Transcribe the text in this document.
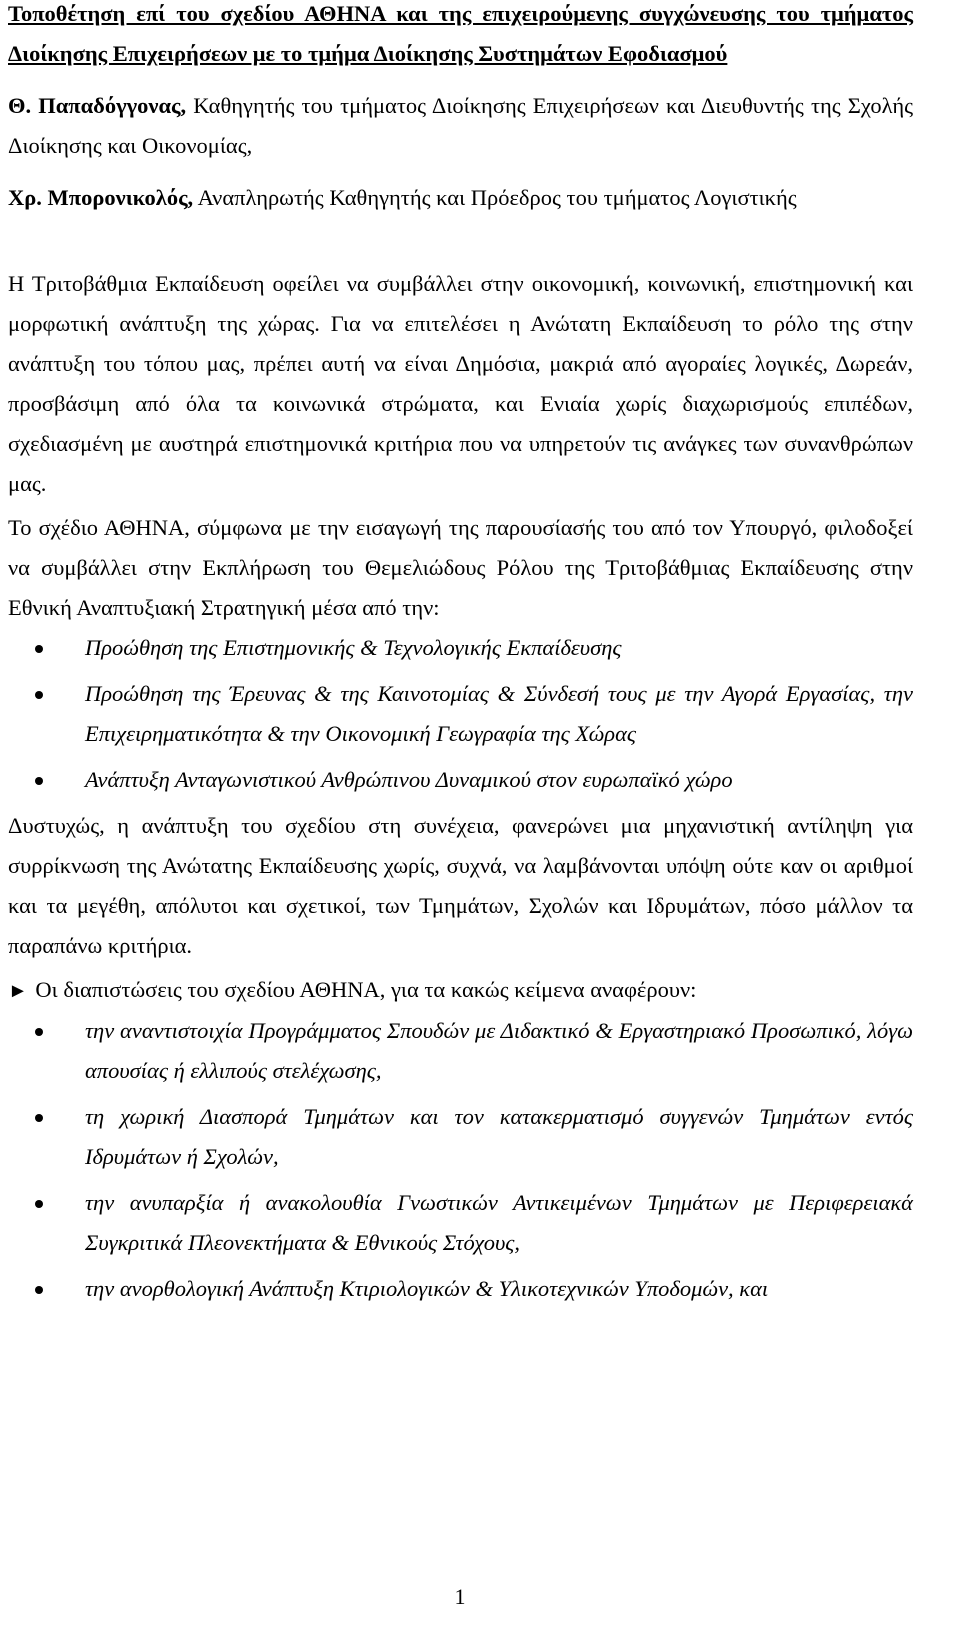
Τοποθέτηση επί του σχεδίου ΑΘΗΝΑ και της επιχειρούμενης συγχώνευσης του τμήματος Διοίκησης Επιχειρήσεων με το τμήμα Διοίκησης Συστημάτων Εφοδιασμού

Θ. Παπαδόγγονας, Καθηγητής του τμήματος Διοίκησης Επιχειρήσεων και Διευθυντής της Σχολής Διοίκησης και Οικονομίας,

Χρ. Μπορονικολός, Αναπληρωτής Καθηγητής και Πρόεδρος του τμήματος Λογιστικής

Η Τριτοβάθμια Εκπαίδευση οφείλει να συμβάλλει στην οικονομική, κοινωνική, επιστημονική και μορφωτική ανάπτυξη της χώρας. Για να επιτελέσει η Ανώτατη Εκπαίδευση το ρόλο της στην ανάπτυξη του τόπου μας, πρέπει αυτή να είναι Δημόσια, μακριά από αγοραίες λογικές, Δωρεάν, προσβάσιμη από όλα τα κοινωνικά στρώματα, και Ενιαία χωρίς διαχωρισμούς επιπέδων, σχεδιασμένη με αυστηρά επιστημονικά κριτήρια που να υπηρετούν τις ανάγκες των συνανθρώπων μας.

Το σχέδιο ΑΘΗΝΑ, σύμφωνα με την εισαγωγή της παρουσίασής του από τον Υπουργό, φιλοδοξεί να συμβάλλει στην Εκπλήρωση του Θεμελιώδους Ρόλου της Τριτοβάθμιας Εκπαίδευσης στην Εθνική Αναπτυξιακή Στρατηγική μέσα από την:

Προώθηση της Επιστημονικής & Τεχνολογικής Εκπαίδευσης
Προώθηση της Έρευνας & της Καινοτομίας & Σύνδεσή τους με την Αγορά Εργασίας, την Επιχειρηματικότητα & την Οικονομική Γεωγραφία της Χώρας
Ανάπτυξη Ανταγωνιστικού Ανθρώπινου Δυναμικού στον ευρωπαϊκό χώρο

Δυστυχώς, η ανάπτυξη του σχεδίου στη συνέχεια, φανερώνει μια μηχανιστική αντίληψη για συρρίκνωση της Ανώτατης Εκπαίδευσης χωρίς, συχνά, να λαμβάνονται υπόψη ούτε καν οι αριθμοί και τα μεγέθη, απόλυτοι και σχετικοί, των Τμημάτων, Σχολών και Ιδρυμάτων, πόσο μάλλον τα παραπάνω κριτήρια.

► Οι διαπιστώσεις του σχεδίου ΑΘΗΝΑ, για τα κακώς κείμενα αναφέρουν:

την αναντιστοιχία Προγράμματος Σπουδών με Διδακτικό & Εργαστηριακό Προσωπικό, λόγω απουσίας ή ελλιπούς στελέχωσης,
τη χωρική Διασπορά Τμημάτων και τον κατακερματισμό συγγενών Τμημάτων εντός Ιδρυμάτων ή Σχολών,
την ανυπαρξία ή ανακολουθία Γνωστικών Αντικειμένων Τμημάτων με Περιφερειακά Συγκριτικά Πλεονεκτήματα & Εθνικούς Στόχους,
την ανορθολογική Ανάπτυξη Κτιριολογικών & Υλικοτεχνικών Υποδομών, και
1
